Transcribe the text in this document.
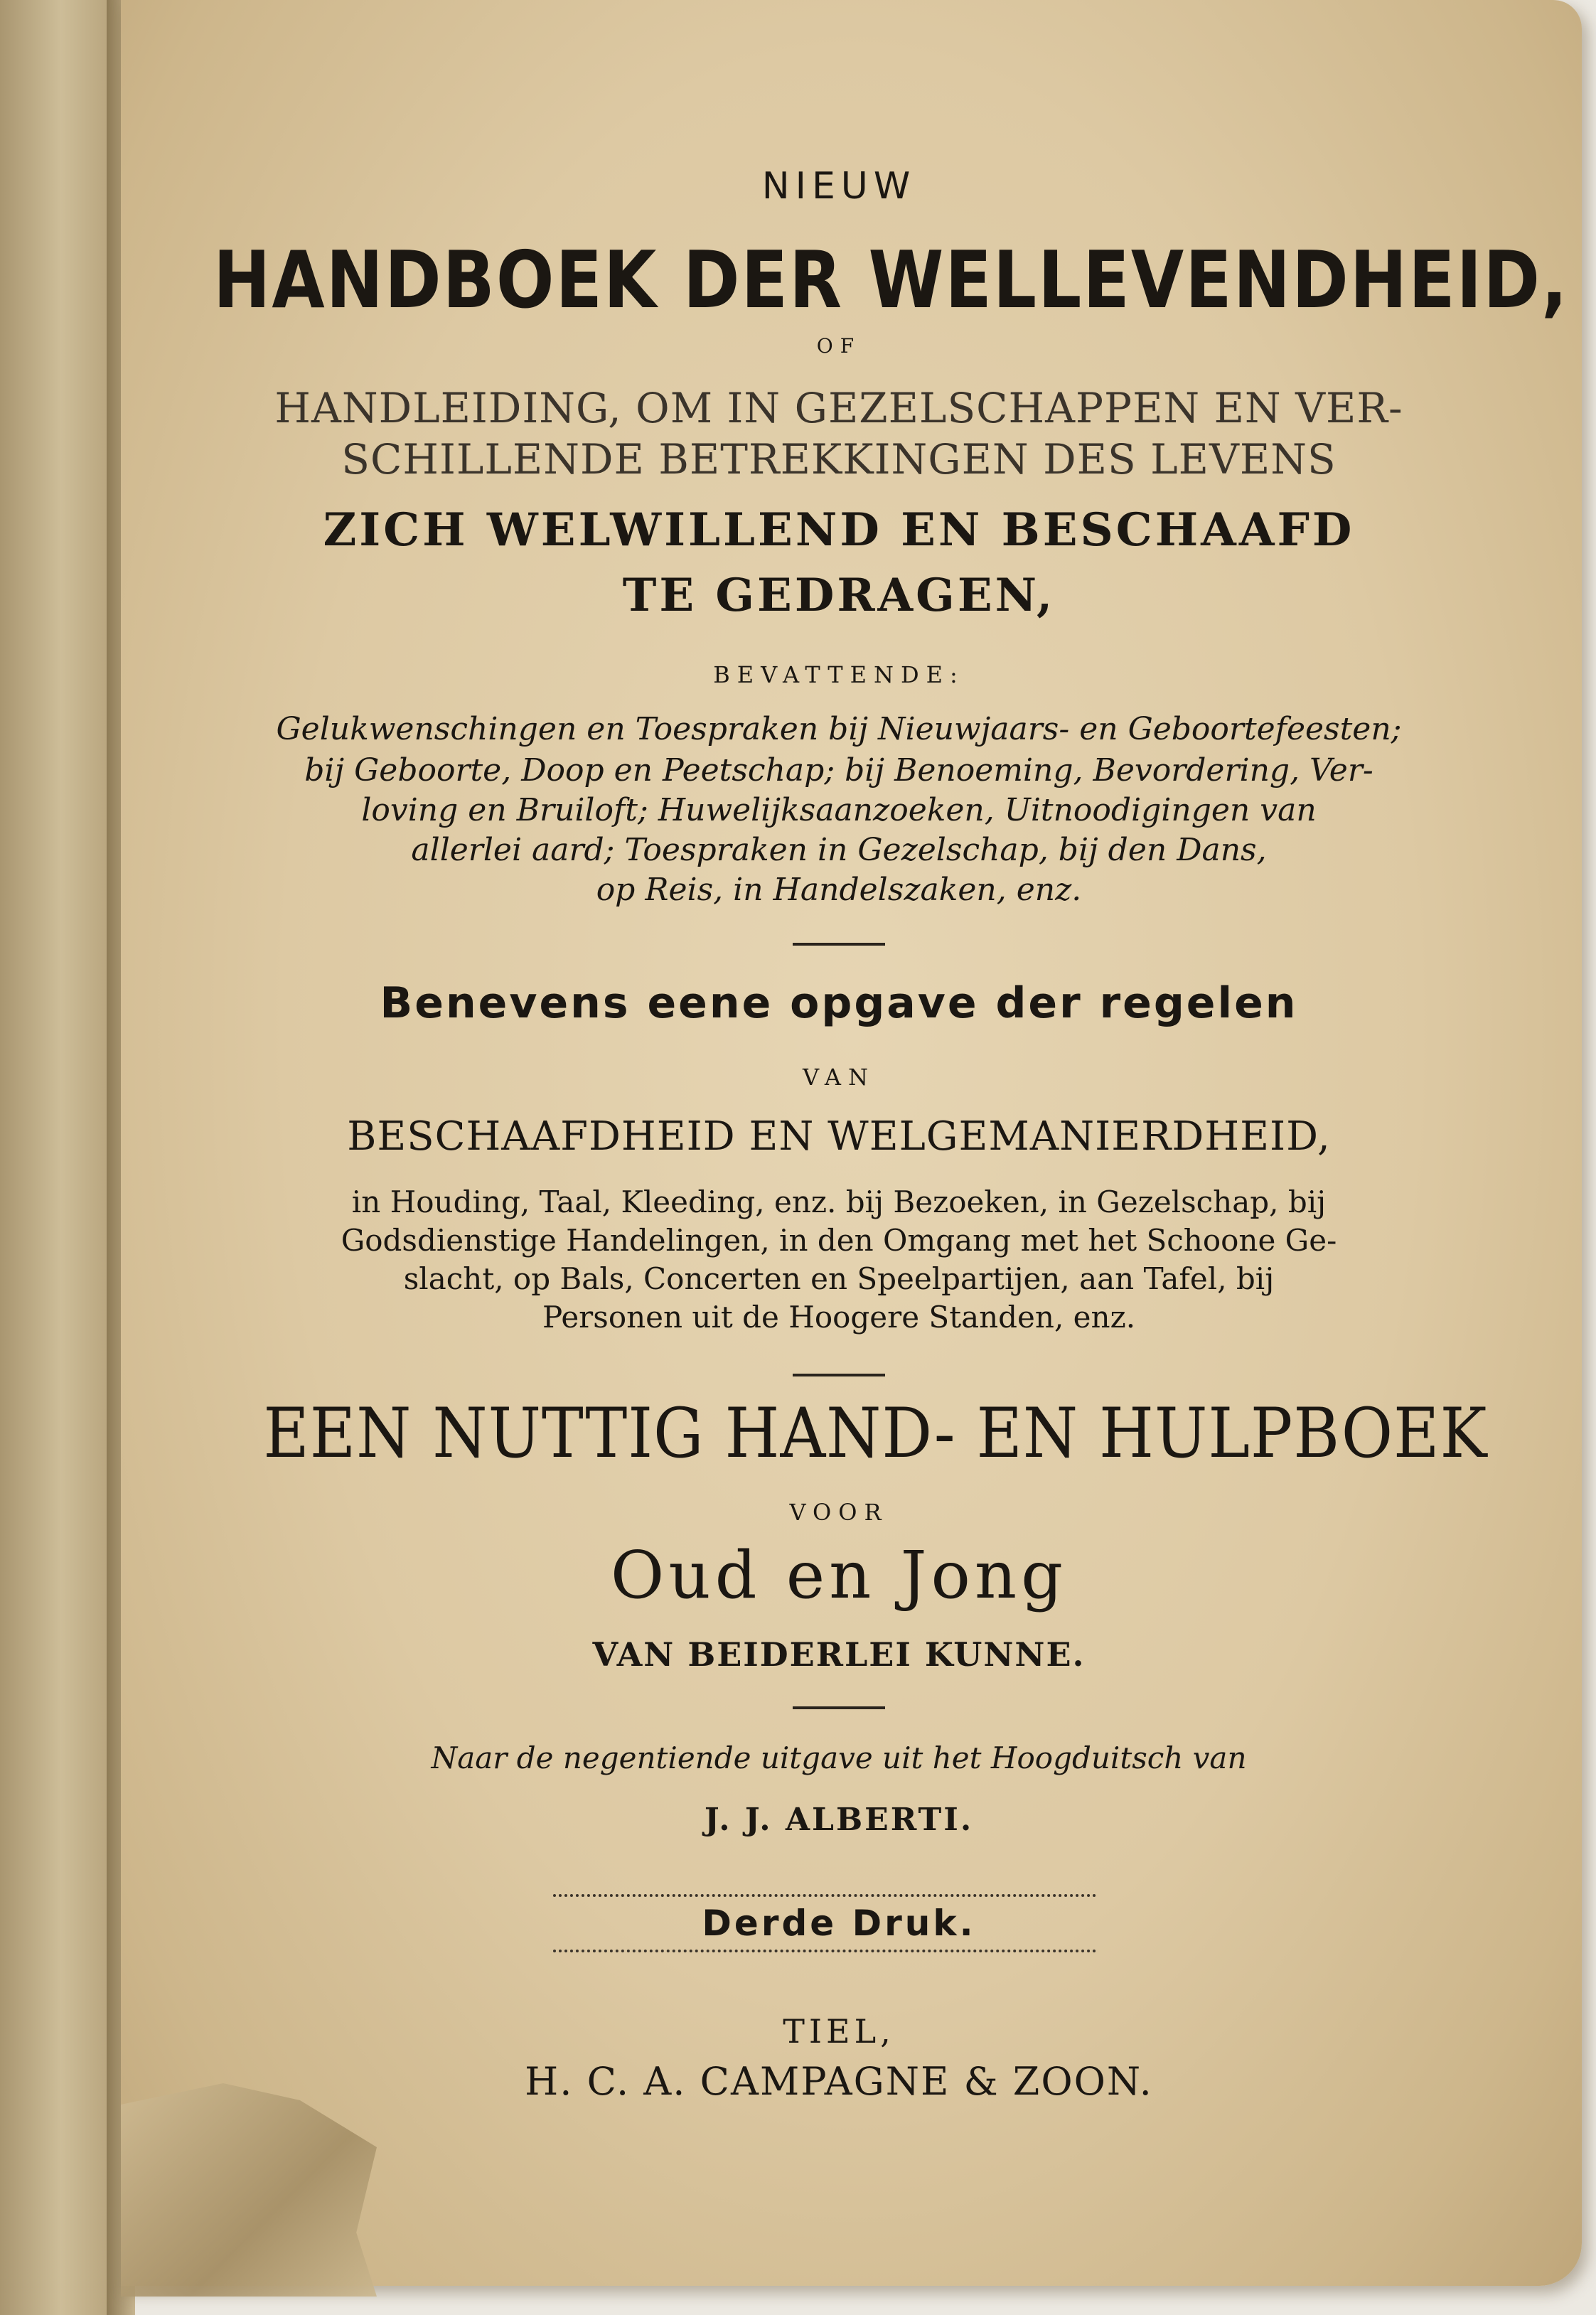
NIEUW
HANDBOEK DER WELLEVENDHEID,
OF
HANDLEIDING, OM IN GEZELSCHAPPEN EN VER-
SCHILLENDE BETREKKINGEN DES LEVENS
ZICH WELWILLEND EN BESCHAAFD
TE GEDRAGEN,
BEVATTENDE:
Gelukwenschingen en Toespraken bij Nieuwjaars- en Geboortefeesten;
bij Geboorte, Doop en Peetschap; bij Benoeming, Bevordering, Ver-
loving en Bruiloft; Huwelijksaanzoeken, Uitnoodigingen van
allerlei aard; Toespraken in Gezelschap, bij den Dans,
op Reis, in Handelszaken, enz.
Benevens eene opgave der regelen
VAN
BESCHAAFDHEID EN WELGEMANIERDHEID,
in Houding, Taal, Kleeding, enz. bij Bezoeken, in Gezelschap, bij
Godsdienstige Handelingen, in den Omgang met het Schoone Ge-
slacht, op Bals, Concerten en Speelpartijen, aan Tafel, bij
Personen uit de Hoogere Standen, enz.
EEN NUTTIG HAND- EN HULPBOEK
VOOR
Oud en Jong
VAN BEIDERLEI KUNNE.
Naar de negentiende uitgave uit het Hoogduitsch van
J. J. ALBERTI.
Derde Druk.
TIEL,
H. C. A. CAMPAGNE & ZOON.
